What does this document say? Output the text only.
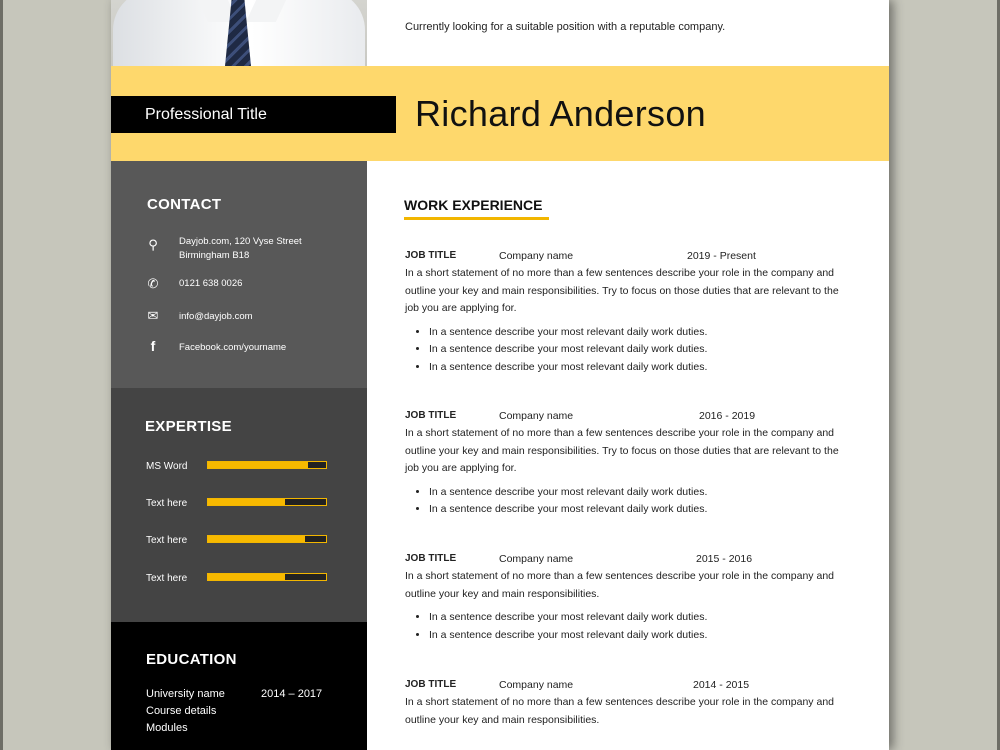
Currently looking for a suitable position with a reputable company.
Professional Title	Richard Anderson
CONTACT
⚲	Dayjob.com, 120 Vyse Street
Birmingham B18
✆ 0121 638 0026
✉ info@dayjob.com
f	Facebook.com/yourname
EXPERTISE
MS Word
Text here
Text here
Text here
EDUCATION
University name	2014 – 2017
Course details
Modules
WORK EXPERIENCE
JOB TITLE	Company name	2019 - Present
In a short statement of no more than a few sentences describe your role in the company and outline your key and main responsibilities. Try to focus on those duties that are relevant to the job you are applying for.
• In a sentence describe your most relevant daily work duties.
• In a sentence describe your most relevant daily work duties.
• In a sentence describe your most relevant daily work duties.
JOB TITLE	Company name	2016 - 2019
In a short statement of no more than a few sentences describe your role in the company and outline your key and main responsibilities. Try to focus on those duties that are relevant to the job you are applying for.
• In a sentence describe your most relevant daily work duties.
• In a sentence describe your most relevant daily work duties.
JOB TITLE	Company name	2015 - 2016
In a short statement of no more than a few sentences describe your role in the company and outline your key and main responsibilities.
• In a sentence describe your most relevant daily work duties.
• In a sentence describe your most relevant daily work duties.
JOB TITLE	Company name	2014 - 2015
In a short statement of no more than a few sentences describe your role in the company and outline your key and main responsibilities.
